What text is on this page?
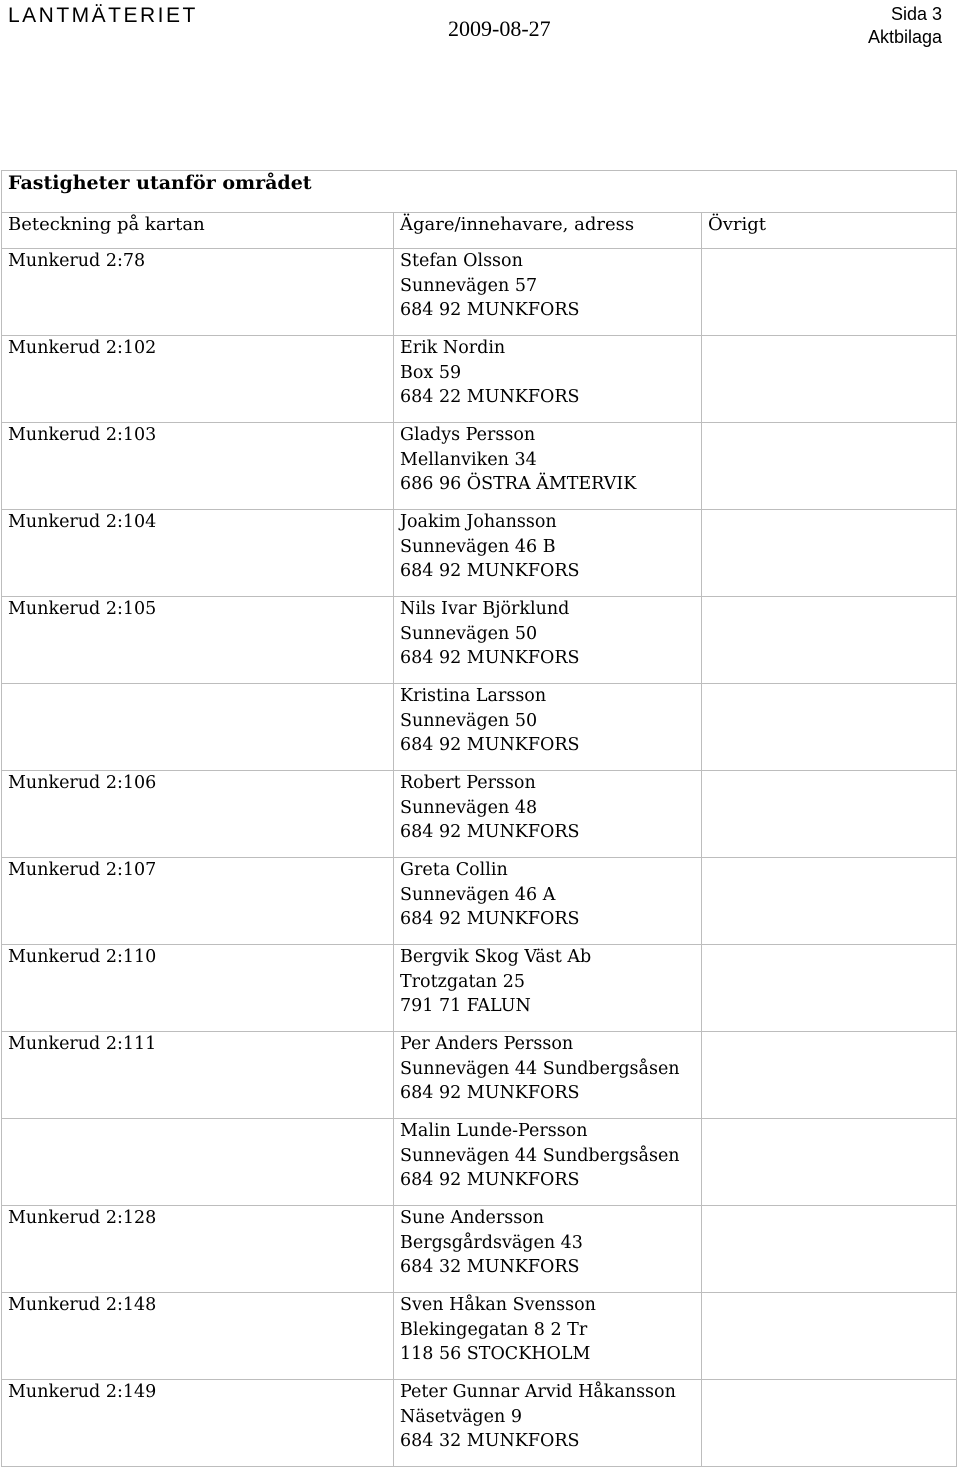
LANTMÄTERIET
2009-08-27
Sida 3
Aktbilaga
Fastigheter utanför området		
Beteckning på kartan	Ägare/innehavare, adress	Övrigt
Munkerud 2:78	Stefan Olsson
Sunnevägen 57
684 92 MUNKFORS	

Munkerud 2:102	Erik Nordin
Box 59
684 22 MUNKFORS	

Munkerud 2:103	Gladys Persson
Mellanviken 34
686 96 ÖSTRA ÄMTERVIK	

Munkerud 2:104	Joakim Johansson
Sunnevägen 46 B
684 92 MUNKFORS	

Munkerud 2:105	Nils Ivar Björklund
Sunnevägen 50
684 92 MUNKFORS	

	Kristina Larsson
Sunnevägen 50
684 92 MUNKFORS	

Munkerud 2:106	Robert Persson
Sunnevägen 48
684 92 MUNKFORS	

Munkerud 2:107	Greta Collin
Sunnevägen 46 A
684 92 MUNKFORS	

Munkerud 2:110	Bergvik Skog Väst Ab
Trotzgatan 25
791 71 FALUN	

Munkerud 2:111	Per Anders Persson
Sunnevägen 44 Sundbergsåsen
684 92 MUNKFORS	

	Malin Lunde-Persson
Sunnevägen 44 Sundbergsåsen
684 92 MUNKFORS	

Munkerud 2:128	Sune Andersson
Bergsgårdsvägen 43
684 32 MUNKFORS	

Munkerud 2:148	Sven Håkan Svensson
Blekingegatan 8 2 Tr
118 56 STOCKHOLM	

Munkerud 2:149	Peter Gunnar Arvid Håkansson
Näsetvägen 9
684 32 MUNKFORS	
